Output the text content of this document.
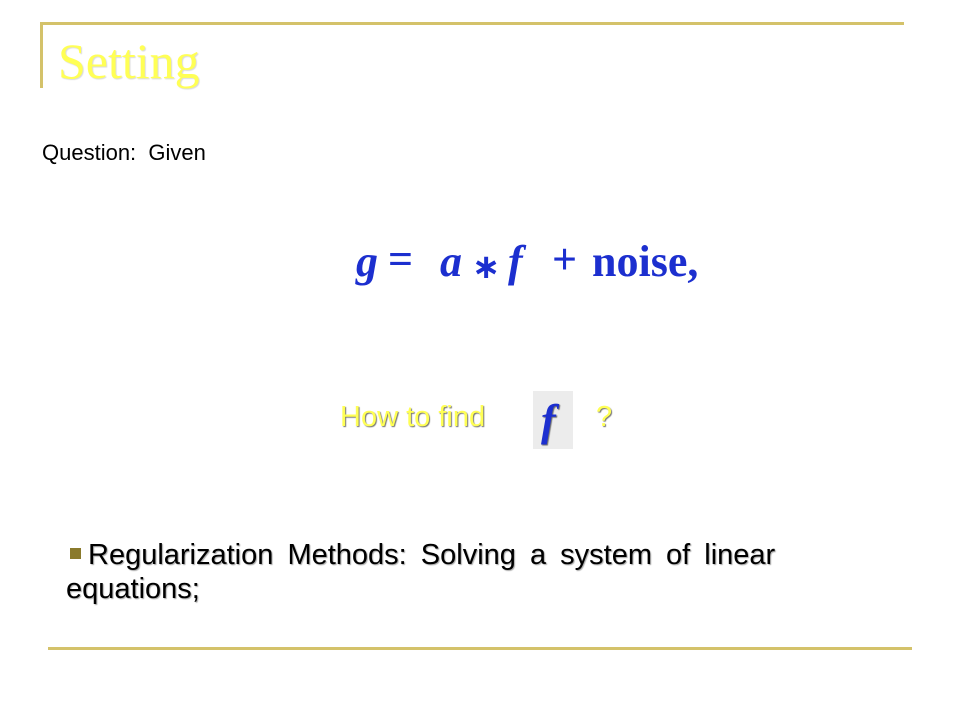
Setting
Question:  Given
g = a ∗ f + noise,
How to find f ?
Regularization Methods: Solving a system of linear equations;
